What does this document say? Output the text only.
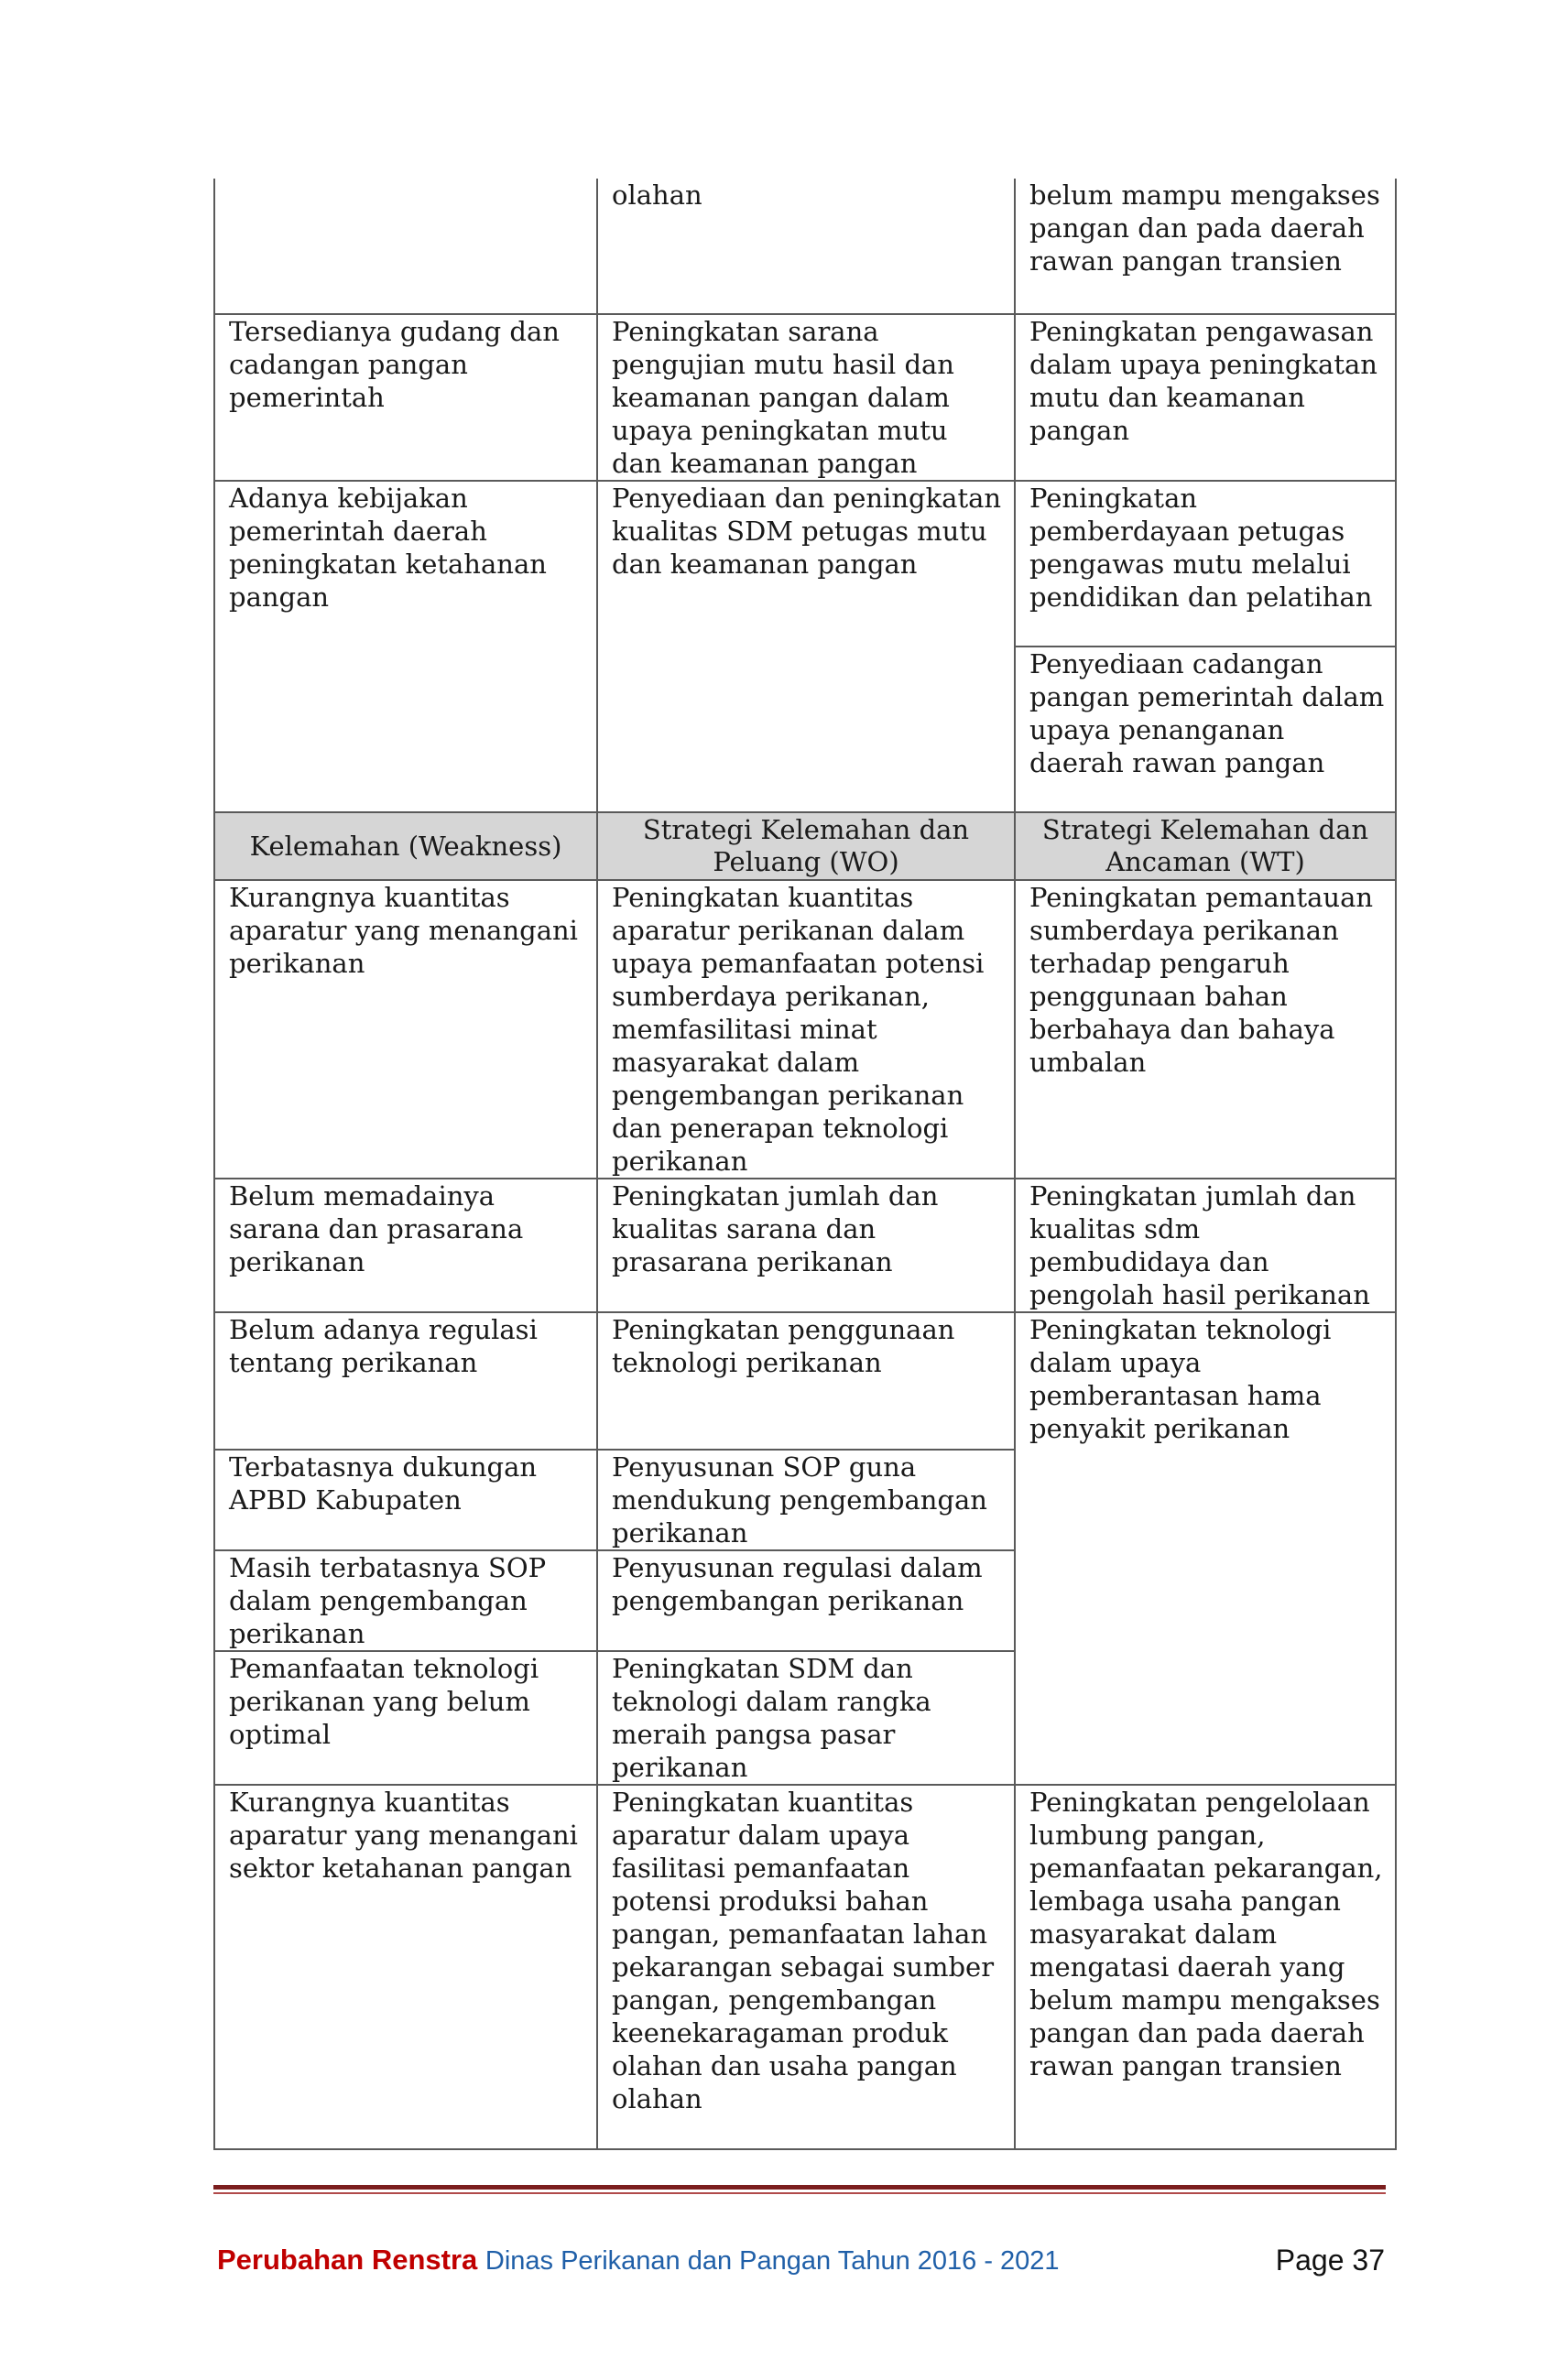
	olahan	belum mampu mengakses pangan dan pada daerah rawan pangan transien
Tersedianya gudang dan cadangan pangan pemerintah	Peningkatan sarana pengujian mutu hasil dan keamanan pangan dalam upaya peningkatan mutu dan keamanan pangan	Peningkatan pengawasan dalam upaya peningkatan mutu dan keamanan pangan
Adanya kebijakan pemerintah daerah peningkatan ketahanan pangan	Penyediaan dan peningkatan kualitas SDM petugas mutu dan keamanan pangan	Peningkatan pemberdayaan petugas pengawas mutu melalui pendidikan dan pelatihan
		Penyediaan cadangan pangan pemerintah dalam upaya penanganan daerah rawan pangan
Kelemahan (Weakness)	Strategi Kelemahan dan Peluang (WO)	Strategi Kelemahan dan Ancaman (WT)
Kurangnya kuantitas aparatur yang menangani perikanan	Peningkatan kuantitas aparatur perikanan dalam upaya pemanfaatan potensi sumberdaya perikanan, memfasilitasi minat masyarakat dalam pengembangan perikanan dan penerapan teknologi perikanan	Peningkatan pemantauan sumberdaya perikanan terhadap pengaruh penggunaan bahan berbahaya dan bahaya umbalan
Belum memadainya sarana dan prasarana perikanan	Peningkatan jumlah dan kualitas sarana dan prasarana perikanan	Peningkatan jumlah dan kualitas sdm pembudidaya dan pengolah hasil perikanan
Belum adanya regulasi tentang perikanan	Peningkatan penggunaan teknologi perikanan	Peningkatan teknologi dalam upaya pemberantasan hama penyakit perikanan
Terbatasnya dukungan APBD Kabupaten	Penyusunan SOP guna mendukung pengembangan perikanan	
Masih terbatasnya SOP dalam pengembangan perikanan	Penyusunan regulasi dalam pengembangan perikanan	
Pemanfaatan teknologi perikanan yang belum optimal	Peningkatan SDM dan teknologi dalam rangka meraih pangsa pasar perikanan	
Kurangnya kuantitas aparatur yang menangani sektor ketahanan pangan	Peningkatan kuantitas aparatur dalam upaya fasilitasi pemanfaatan potensi produksi bahan pangan, pemanfaatan lahan pekarangan sebagai sumber pangan, pengembangan keenekaragaman produk olahan dan usaha pangan olahan	Peningkatan pengelolaan lumbung pangan, pemanfaatan pekarangan, lembaga usaha pangan masyarakat dalam mengatasi daerah yang belum mampu mengakses pangan dan pada daerah rawan pangan transien
Perubahan Renstra Dinas Perikanan dan Pangan Tahun 2016 - 2021	Page 37
